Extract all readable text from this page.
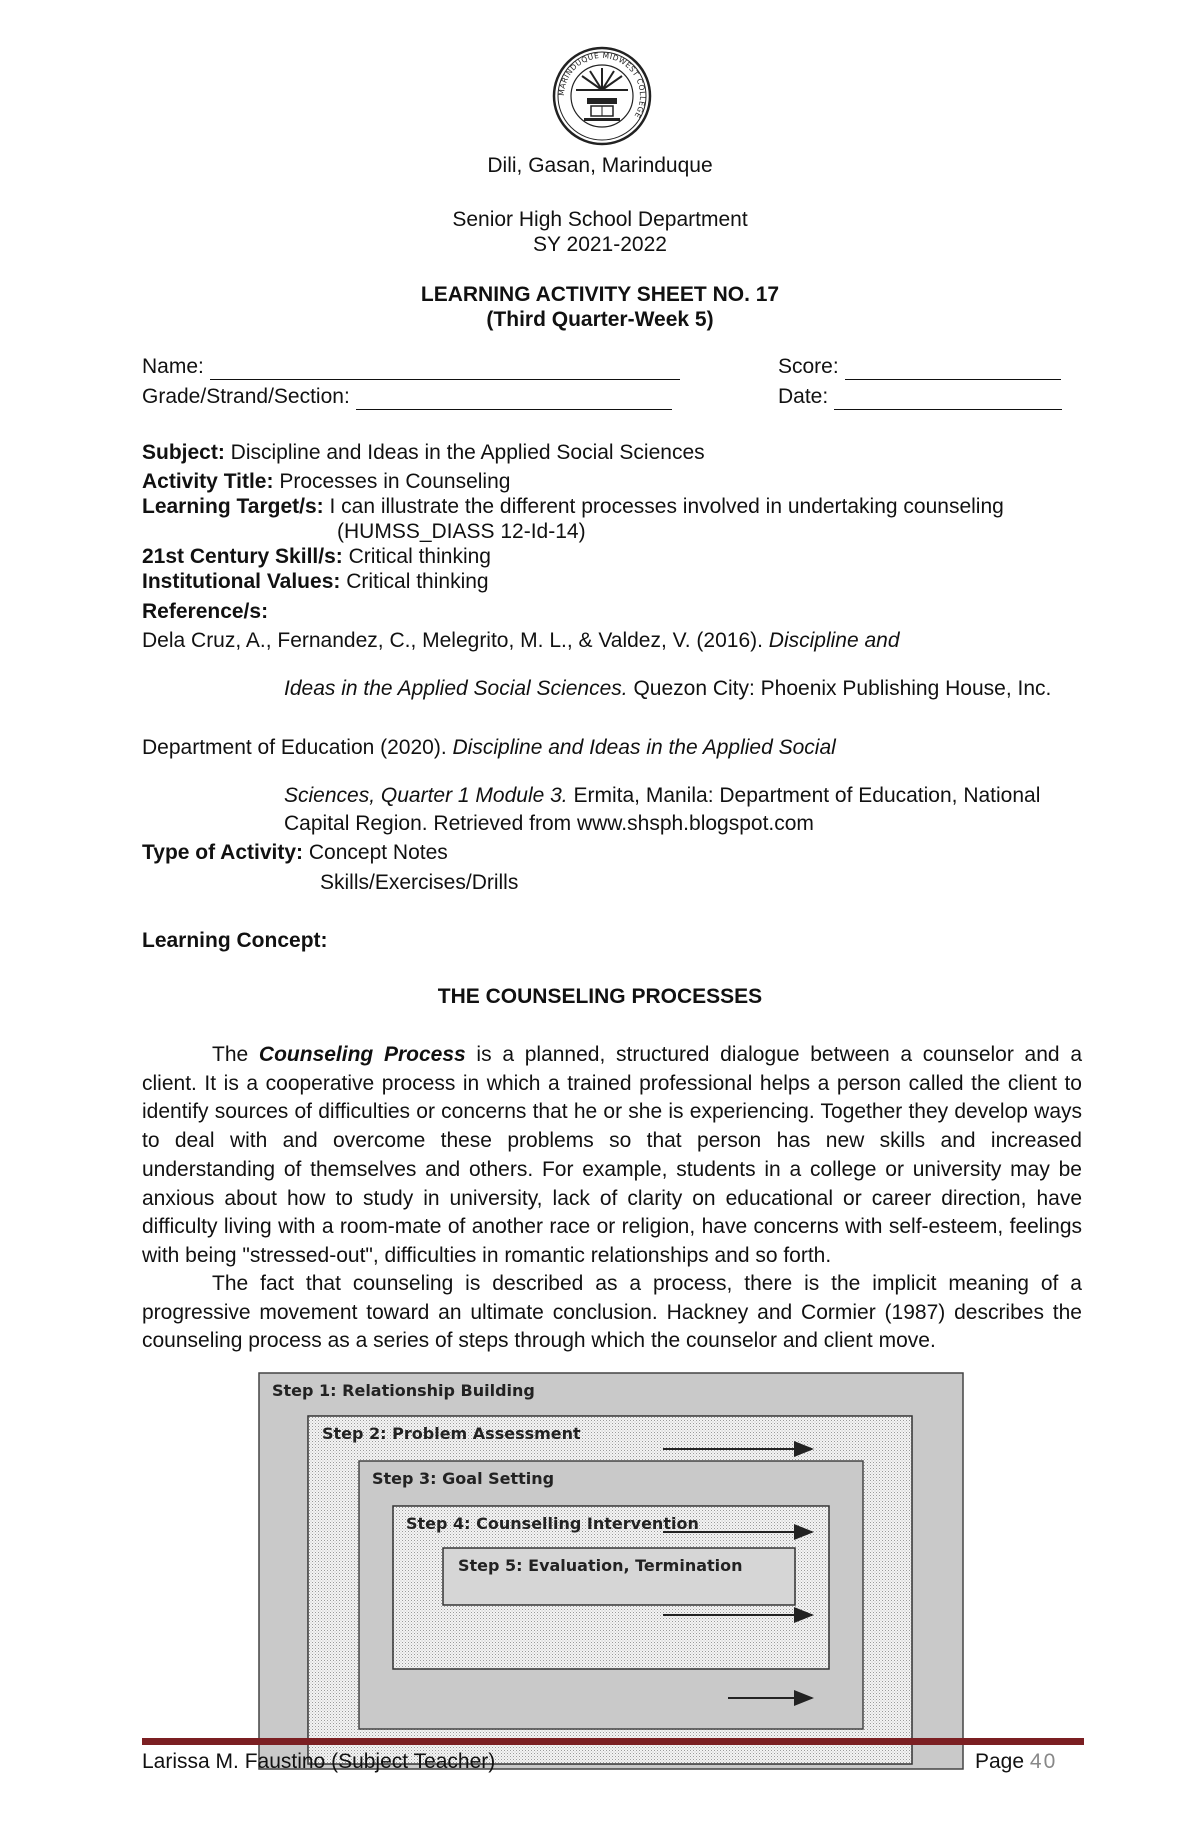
MARINDUQUE MIDWEST COLLEGE
Dili, Gasan, Marinduque
Senior High School Department
SY 2021-2022
LEARNING ACTIVITY SHEET NO. 17
(Third Quarter-Week 5)
Name:	Score:
Grade/Strand/Section:	Date:
Subject: Discipline and Ideas in the Applied Social Sciences
Activity Title: Processes in Counseling
Learning Target/s: I can illustrate the different processes involved in undertaking counseling
(HUMSS_DIASS 12-Id-14)
21st Century Skill/s: Critical thinking
Institutional Values: Critical thinking
Reference/s:
Dela Cruz, A., Fernandez, C., Melegrito, M. L., & Valdez, V. (2016). Discipline and
Ideas in the Applied Social Sciences. Quezon City: Phoenix Publishing House, Inc.
Department of Education (2020). Discipline and Ideas in the Applied Social
Sciences, Quarter 1 Module 3. Ermita, Manila: Department of Education, National
Capital Region. Retrieved from www.shsph.blogspot.com
Type of Activity: Concept Notes
Skills/Exercises/Drills
Learning Concept:
THE COUNSELING PROCESSES
The Counseling Process is a planned, structured dialogue between a counselor and a client. It is a cooperative process in which a trained professional helps a person called the client to identify sources of difficulties or concerns that he or she is experiencing. Together they develop ways to deal with and overcome these problems so that person has new skills and increased understanding of themselves and others. For example, students in a college or university may be anxious about how to study in university, lack of clarity on educational or career direction, have difficulty living with a room-mate of another race or religion, have concerns with self-esteem, feelings with being "stressed-out", difficulties in romantic relationships and so forth.
The fact that counseling is described as a process, there is the implicit meaning of a progressive movement toward an ultimate conclusion. Hackney and Cormier (1987) describes the counseling process as a series of steps through which the counselor and client move.
Step 1: Relationship Building
Step 2: Problem Assessment
Step 3: Goal Setting
Step 4: Counselling Intervention
Step 5: Evaluation, Termination
Larissa M. Faustino (Subject Teacher)	Page 40
